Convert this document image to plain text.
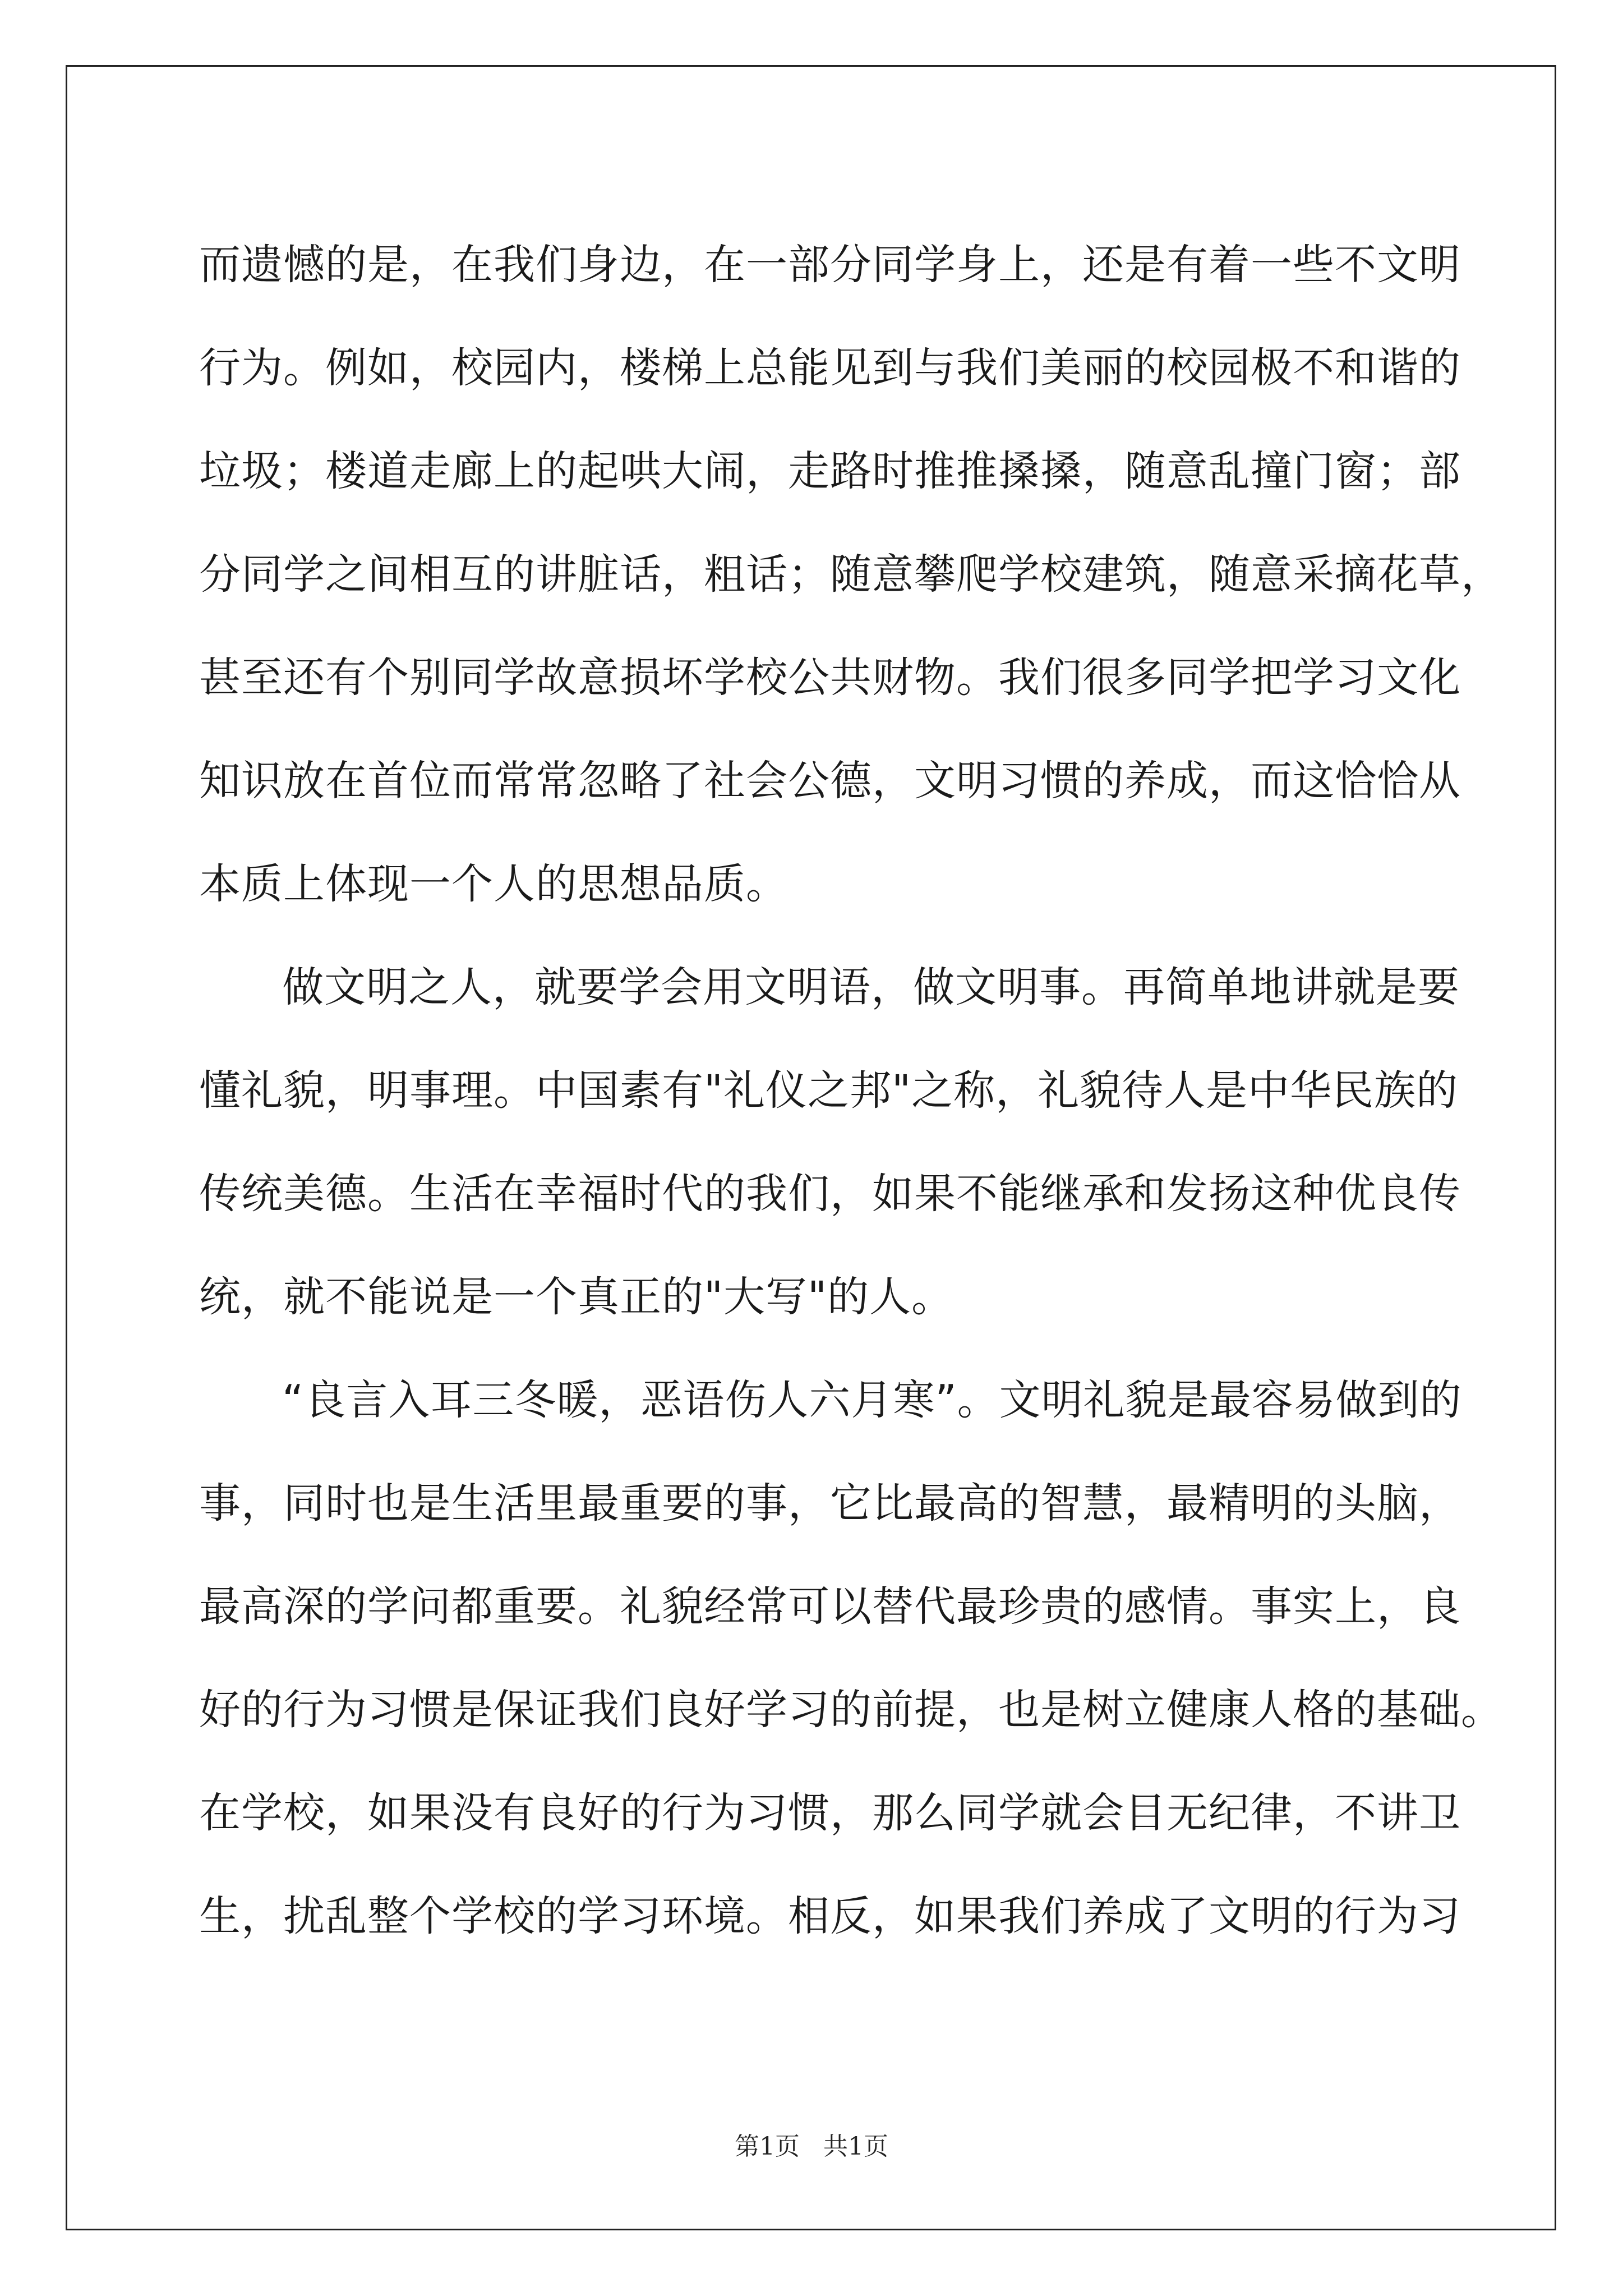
而遗憾的是，在我们身边，在一部分同学身上，还是有着一些不文明
行为。例如，校园内，楼梯上总能见到与我们美丽的校园极不和谐的
垃圾；楼道走廊上的起哄大闹，走路时推推搡搡，随意乱撞门窗；部
分同学之间相互的讲脏话，粗话；随意攀爬学校建筑，随意采摘花草，
甚至还有个别同学故意损坏学校公共财物。我们很多同学把学习文化
知识放在首位而常常忽略了社会公德，文明习惯的养成，而这恰恰从
本质上体现一个人的思想品质。
做文明之人，就要学会用文明语，做文明事。再简单地讲就是要
懂礼貌，明事理。中国素有"礼仪之邦"之称，礼貌待人是中华民族的
传统美德。生活在幸福时代的我们，如果不能继承和发扬这种优良传
统，就不能说是一个真正的"大写"的人。
“良言入耳三冬暖，恶语伤人六月寒”。文明礼貌是最容易做到的
事，同时也是生活里最重要的事，它比最高的智慧，最精明的头脑，
最高深的学问都重要。礼貌经常可以替代最珍贵的感情。事实上，良
好的行为习惯是保证我们良好学习的前提，也是树立健康人格的基础。
在学校，如果没有良好的行为习惯，那么同学就会目无纪律，不讲卫
生，扰乱整个学校的学习环境。相反，如果我们养成了文明的行为习
第1页 共1页
